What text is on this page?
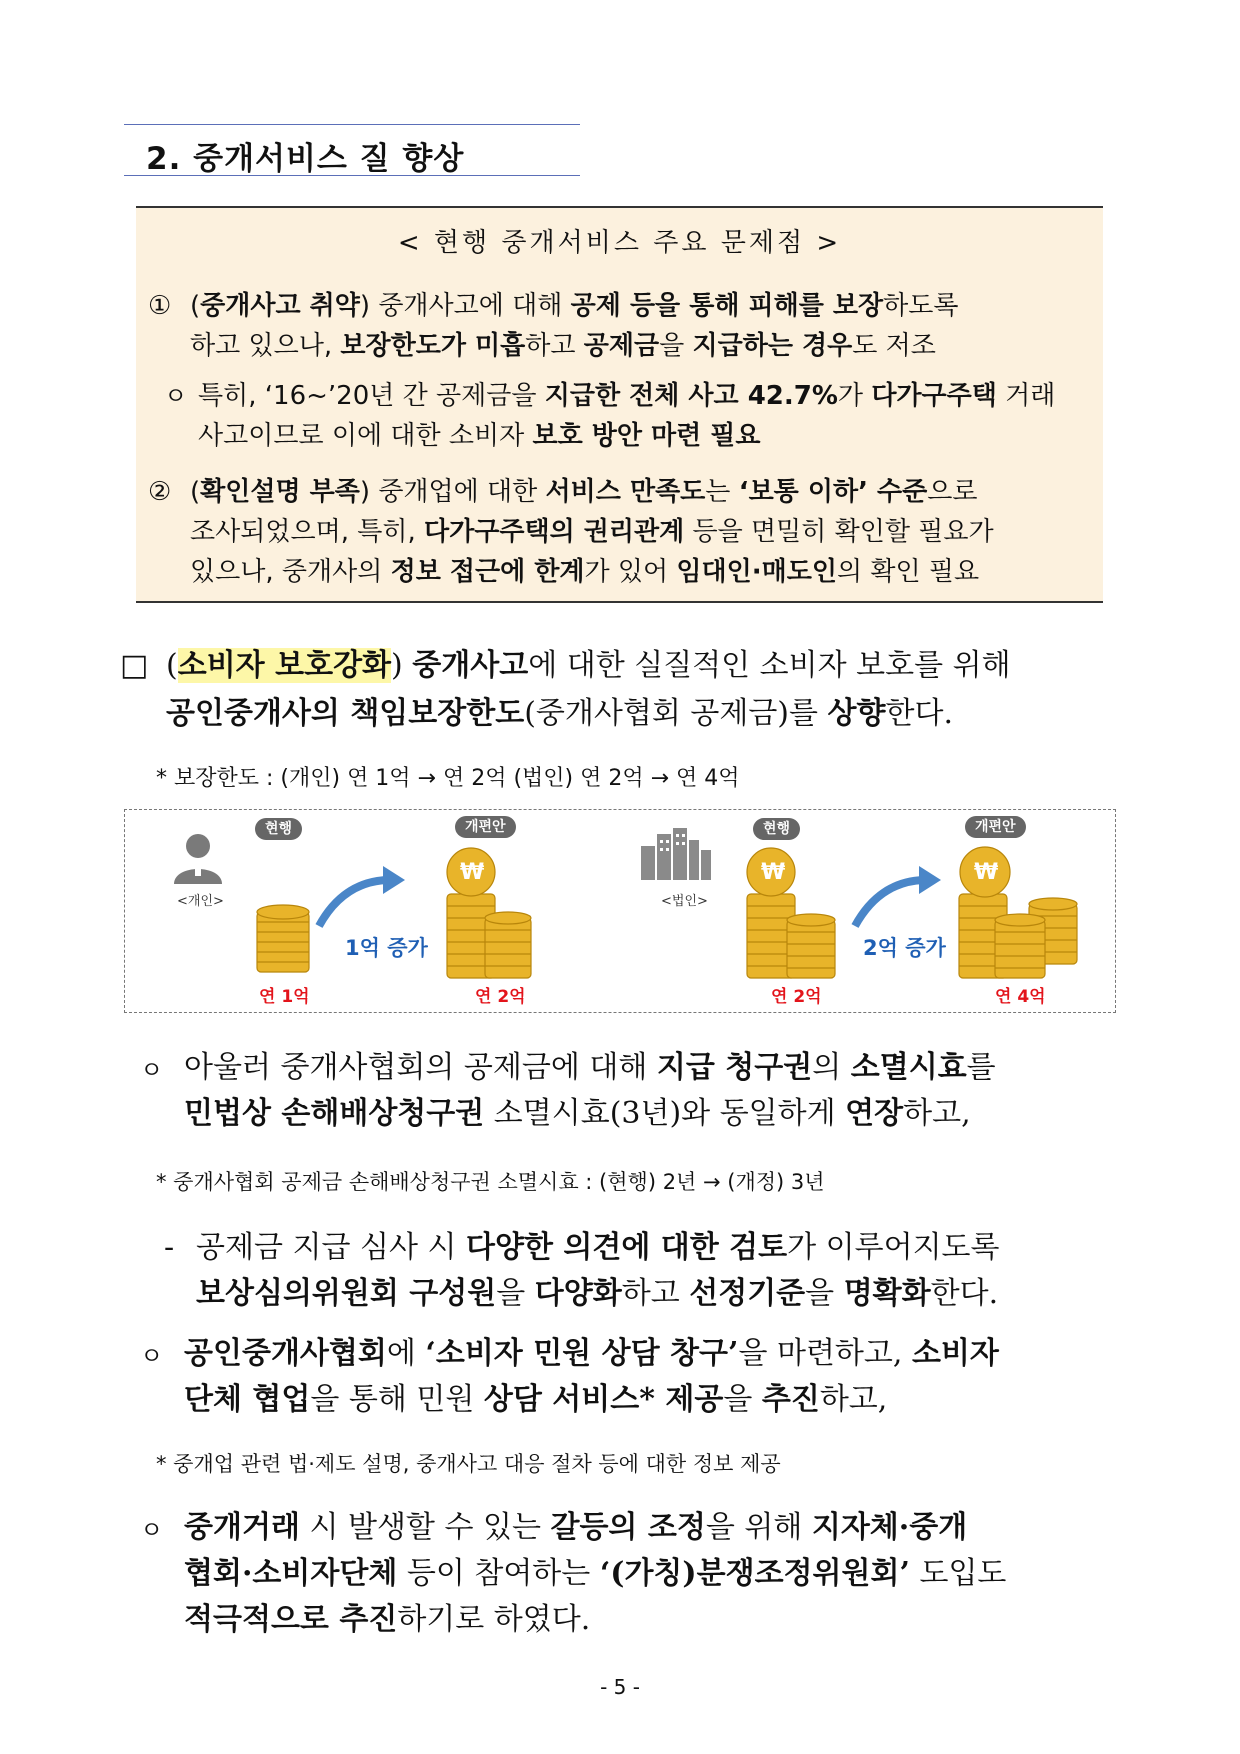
2. 중개서비스 질 향상
< 현행 중개서비스 주요 문제점 >
① (중개사고 취약) 중개사고에 대해 공제 등을 통해 피해를 보장하도록
하고 있으나, 보장한도가 미흡하고 공제금을 지급하는 경우도 저조
ㅇ 특히, ‘16~’20년 간 공제금을 지급한 전체 사고 42.7%가 다가구주택 거래
사고이므로 이에 대한 소비자 보호 방안 마련 필요
② (확인설명 부족) 중개업에 대한 서비스 만족도는 ‘보통 이하’ 수준으로
조사되었으며, 특히, 다가구주택의 권리관계 등을 면밀히 확인할 필요가
있으나, 중개사의 정보 접근에 한계가 있어 임대인·매도인의 확인 필요
□ (소비자 보호강화) 중개사고에 대한 실질적인 소비자 보호를 위해
공인중개사의 책임보장한도(중개사협회 공제금)를 상향한다.
* 보장한도 : (개인) 연 1억 → 연 2억 (법인) 연 2억 → 연 4억
<개인>
현행	개편안
연 1억
1억 증가
₩
연 2억
<법인>
현행	개편안
₩
연 2억
2억 증가
₩
연 4억
ㅇ 아울러 중개사협회의 공제금에 대해 지급 청구권의 소멸시효를
민법상 손해배상청구권 소멸시효(3년)와 동일하게 연장하고,
* 중개사협회 공제금 손해배상청구권 소멸시효 : (현행) 2년 → (개정) 3년
- 공제금 지급 심사 시 다양한 의견에 대한 검토가 이루어지도록
보상심의위원회 구성원을 다양화하고 선정기준을 명확화한다.
ㅇ 공인중개사협회에 ‘소비자 민원 상담 창구’을 마련하고, 소비자
단체 협업을 통해 민원 상담 서비스* 제공을 추진하고,
* 중개업 관련 법·제도 설명, 중개사고 대응 절차 등에 대한 정보 제공
ㅇ 중개거래 시 발생할 수 있는 갈등의 조정을 위해 지자체·중개
협회·소비자단체 등이 참여하는 ‘(가칭)분쟁조정위원회’ 도입도
적극적으로 추진하기로 하였다.
- 5 -
